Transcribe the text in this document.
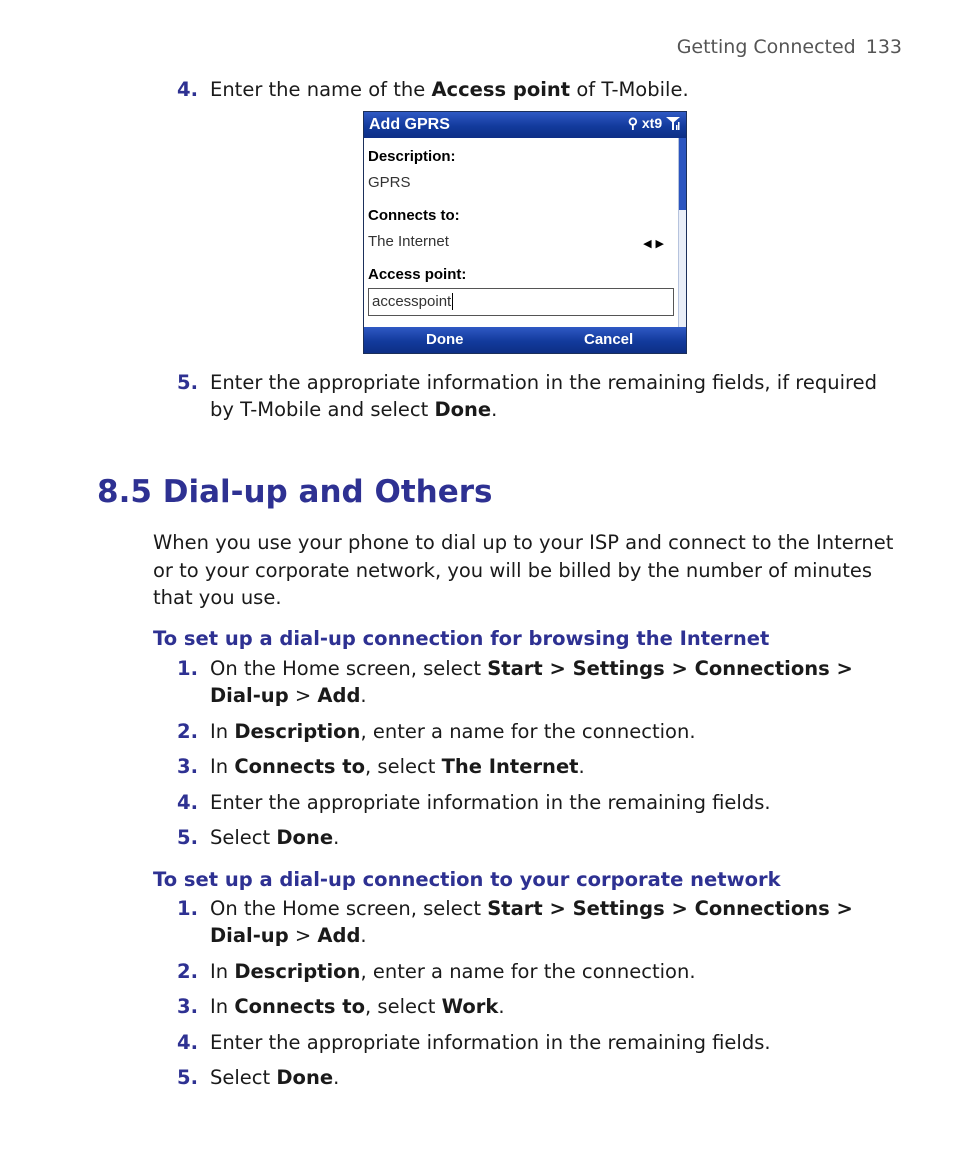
Getting Connected 133
4. Enter the name of the Access point of T-Mobile.
Add GPRS	⚲ xt9
Description:
GPRS
Connects to:
The Internet	◀▶
Access point:
accesspoint
Done	Cancel
5. Enter the appropriate information in the remaining fields, if required
by T-Mobile and select Done.
8.5 Dial-up and Others
When you use your phone to dial up to your ISP and connect to the Internet
or to your corporate network, you will be billed by the number of minutes
that you use.
To set up a dial-up connection for browsing the Internet
1. On the Home screen, select Start > Settings > Connections >
Dial-up > Add.
2. In Description, enter a name for the connection.
3. In Connects to, select The Internet.
4. Enter the appropriate information in the remaining fields.
5. Select Done.
To set up a dial-up connection to your corporate network
1. On the Home screen, select Start > Settings > Connections >
Dial-up > Add.
2. In Description, enter a name for the connection.
3. In Connects to, select Work.
4. Enter the appropriate information in the remaining fields.
5. Select Done.
